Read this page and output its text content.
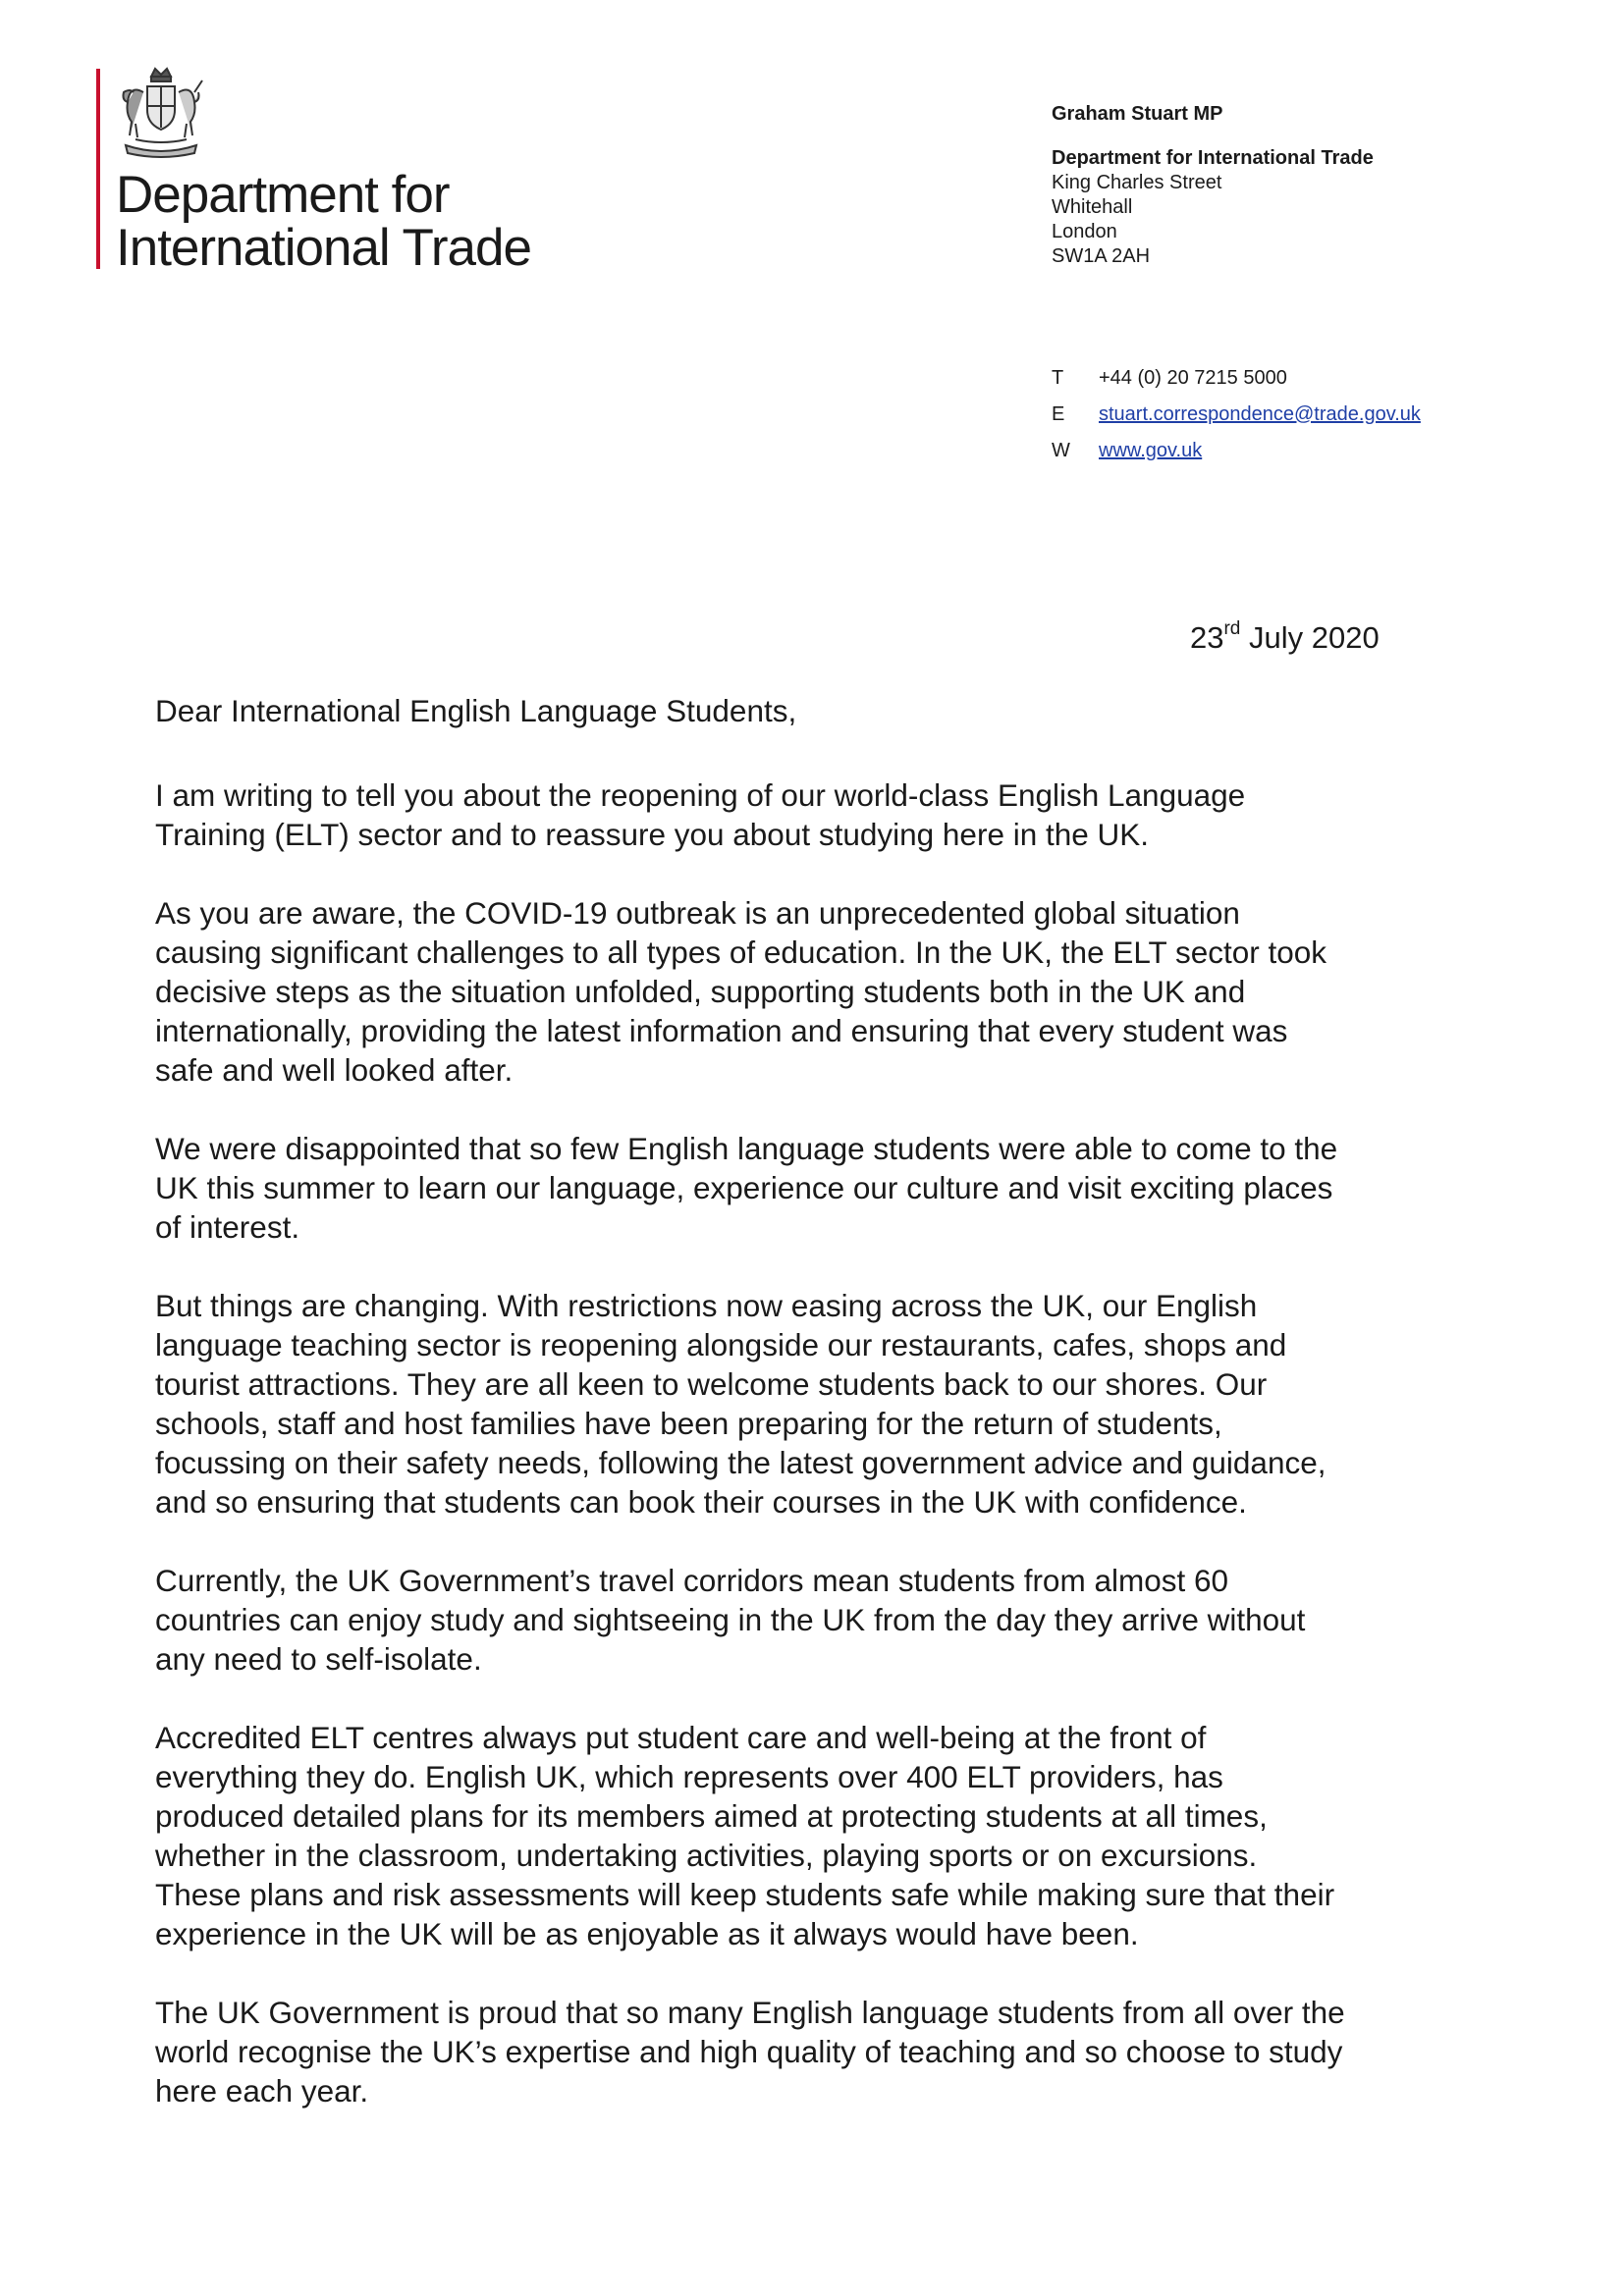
Department for
International Trade
Graham Stuart MP
Department for International Trade
King Charles Street
Whitehall
London
SW1A 2AH
T	+44 (0) 20 7215 5000
E	stuart.correspondence@trade.gov.uk
W	www.gov.uk
23rd July 2020

Dear International English Language Students,

I am writing to tell you about the reopening of our world-class English Language
Training (ELT) sector and to reassure you about studying here in the UK.

As you are aware, the COVID-19 outbreak is an unprecedented global situation
causing significant challenges to all types of education. In the UK, the ELT sector took
decisive steps as the situation unfolded, supporting students both in the UK and
internationally, providing the latest information and ensuring that every student was
safe and well looked after.

We were disappointed that so few English language students were able to come to the
UK this summer to learn our language, experience our culture and visit exciting places
of interest.

But things are changing. With restrictions now easing across the UK, our English
language teaching sector is reopening alongside our restaurants, cafes, shops and
tourist attractions. They are all keen to welcome students back to our shores. Our
schools, staff and host families have been preparing for the return of students,
focussing on their safety needs, following the latest government advice and guidance,
and so ensuring that students can book their courses in the UK with confidence.

Currently, the UK Government’s travel corridors mean students from almost 60
countries can enjoy study and sightseeing in the UK from the day they arrive without
any need to self-isolate.

Accredited ELT centres always put student care and well-being at the front of
everything they do. English UK, which represents over 400 ELT providers, has
produced detailed plans for its members aimed at protecting students at all times,
whether in the classroom, undertaking activities, playing sports or on excursions.
These plans and risk assessments will keep students safe while making sure that their
experience in the UK will be as enjoyable as it always would have been.

The UK Government is proud that so many English language students from all over the
world recognise the UK’s expertise and high quality of teaching and so choose to study
here each year.
